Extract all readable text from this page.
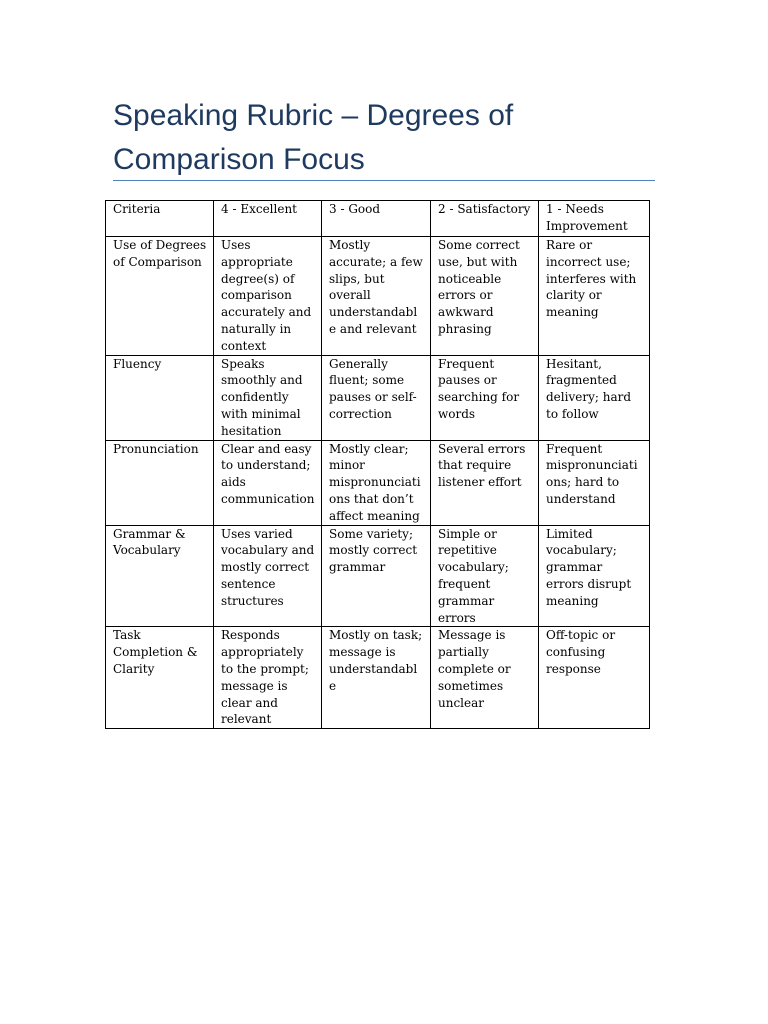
Speaking Rubric – Degrees of Comparison Focus
Criteria	4 - Excellent	3 - Good	2 - Satisfactory	1 - Needs Improvement
Use of Degrees of Comparison	Uses appropriate degree(s) of comparison accurately and naturally in context	Mostly accurate; a few slips, but overall understandable and relevant	Some correct use, but with noticeable errors or awkward phrasing	Rare or incorrect use; interferes with clarity or meaning
Fluency	Speaks smoothly and confidently with minimal hesitation	Generally fluent; some pauses or self-correction	Frequent pauses or searching for words	Hesitant, fragmented delivery; hard to follow
Pronunciation	Clear and easy to understand; aids communication	Mostly clear; minor mispronunciations that don’t affect meaning	Several errors that require listener effort	Frequent mispronunciations; hard to understand
Grammar & Vocabulary	Uses varied vocabulary and mostly correct sentence structures	Some variety; mostly correct grammar	Simple or repetitive vocabulary; frequent grammar errors	Limited vocabulary; grammar errors disrupt meaning
Task Completion & Clarity	Responds appropriately to the prompt; message is clear and relevant	Mostly on task; message is understandable	Message is partially complete or sometimes unclear	Off-topic or confusing response
